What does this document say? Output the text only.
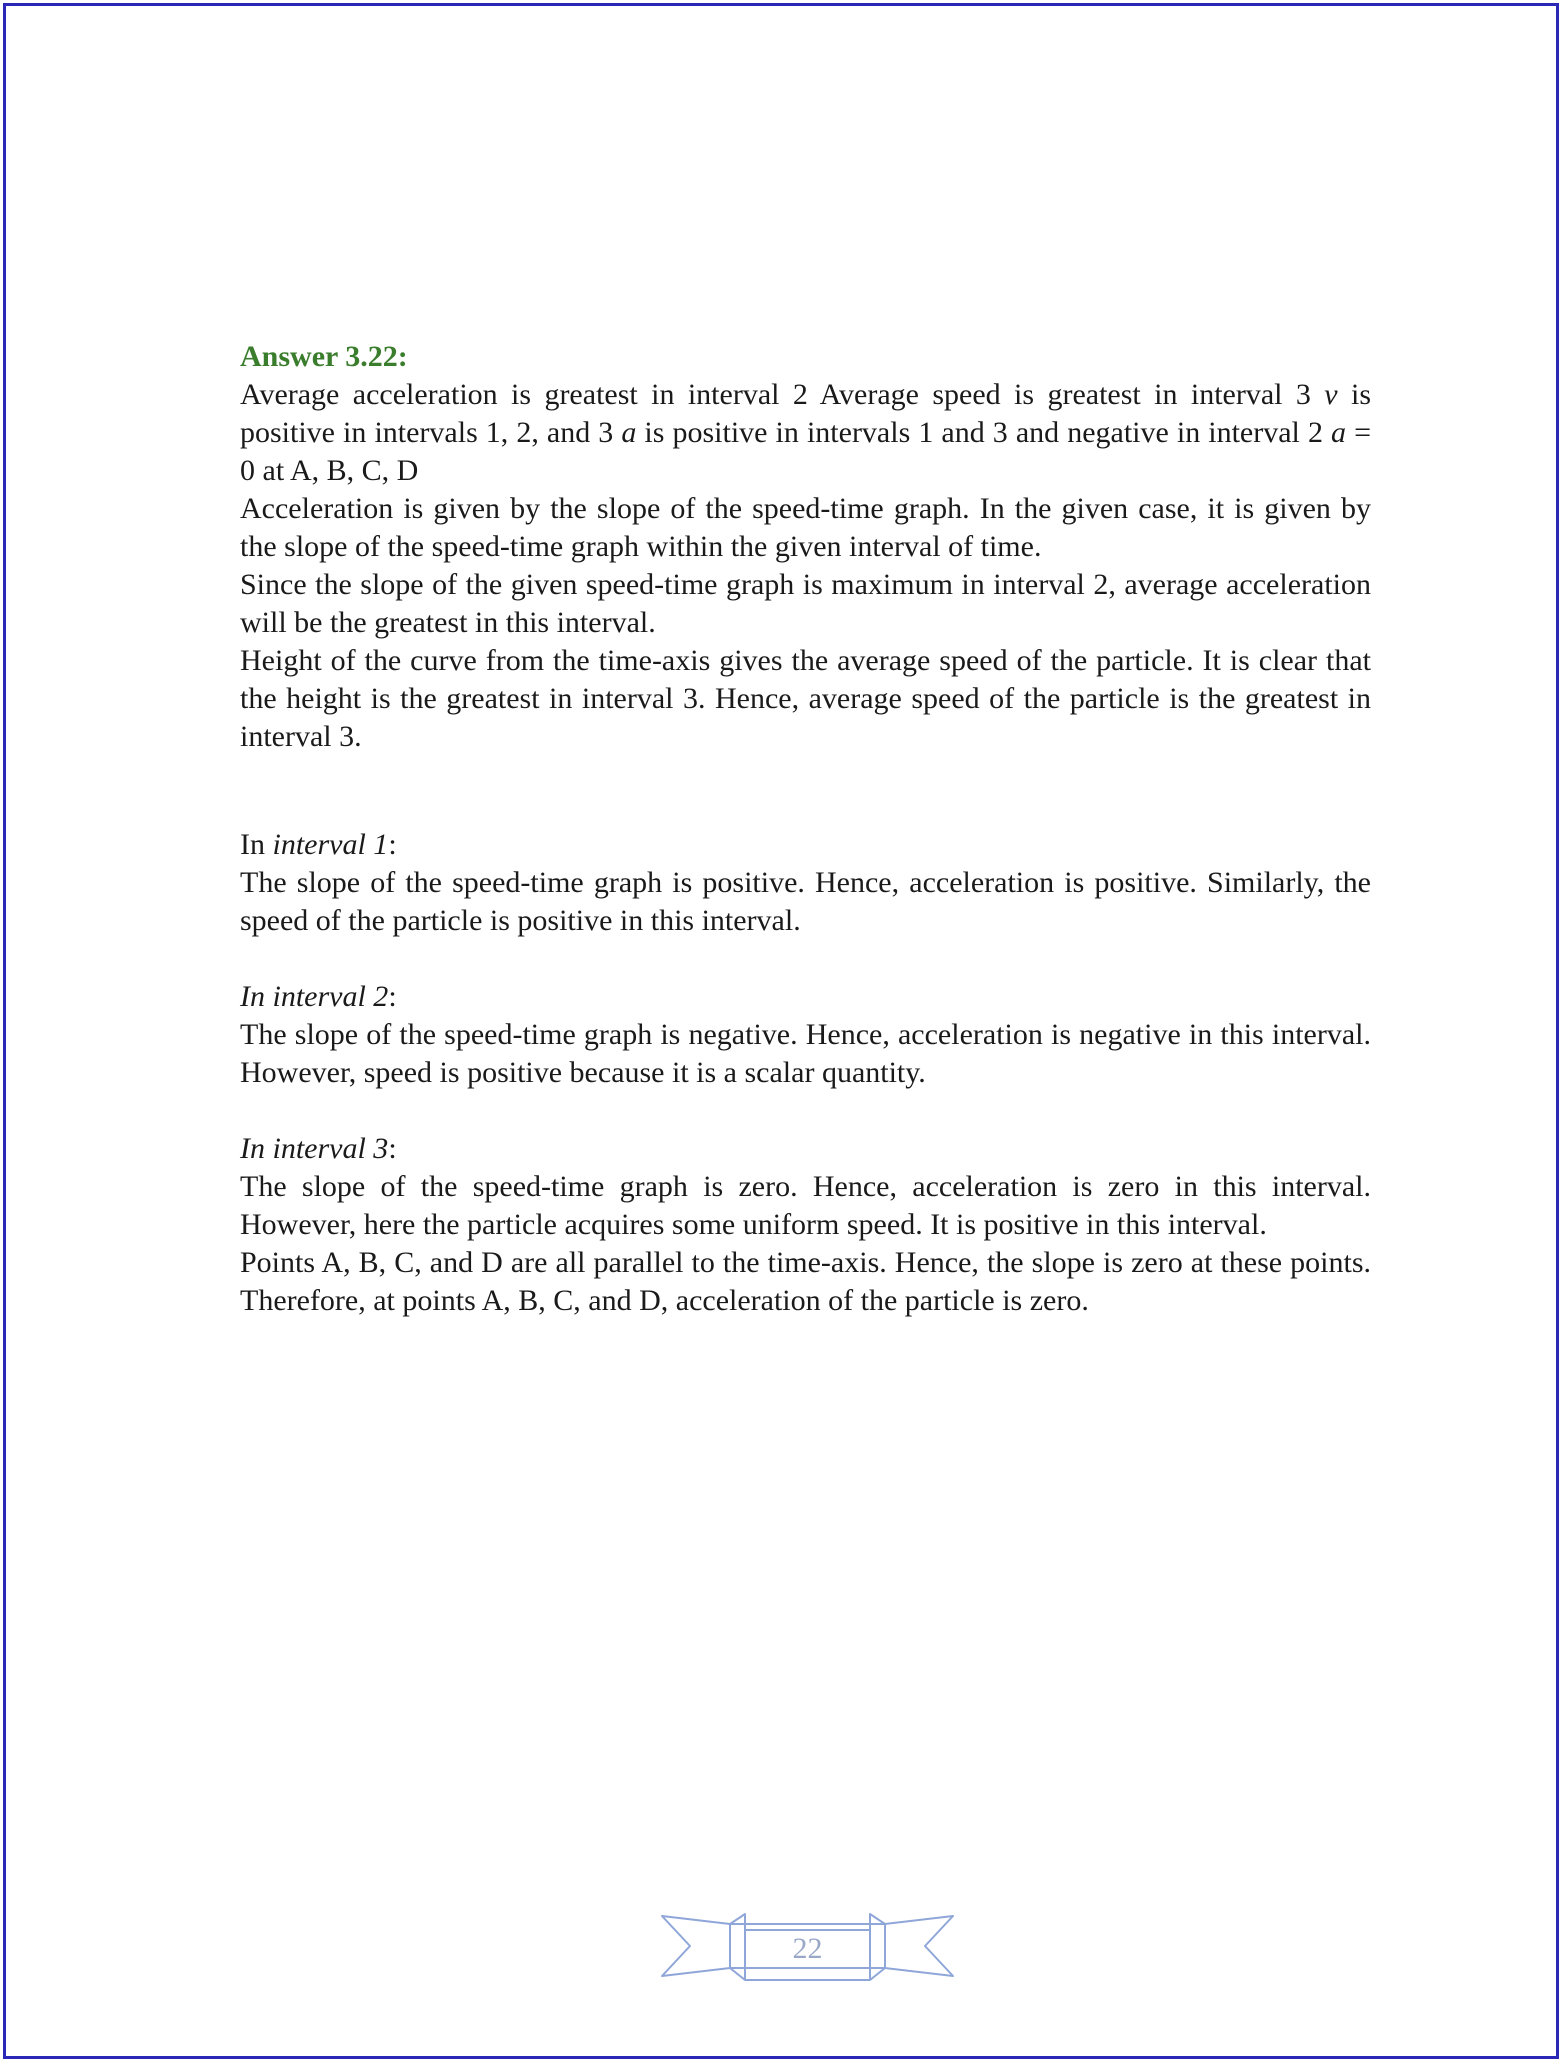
Answer 3.22:

Average acceleration is greatest in interval 2 Average speed is greatest in interval 3 v is positive in intervals 1, 2, and 3 a is positive in intervals 1 and 3 and negative in interval 2 a = 0 at A, B, C, D

Acceleration is given by the slope of the speed-time graph. In the given case, it is given by the slope of the speed-time graph within the given interval of time.

Since the slope of the given speed-time graph is maximum in interval 2, average acceleration will be the greatest in this interval.

Height of the curve from the time-axis gives the average speed of the particle. It is clear that the height is the greatest in interval 3. Hence, average speed of the particle is the greatest in interval 3.

In interval 1:

The slope of the speed-time graph is positive. Hence, acceleration is positive. Similarly, the speed of the particle is positive in this interval.

In interval 2:

The slope of the speed-time graph is negative. Hence, acceleration is negative in this interval. However, speed is positive because it is a scalar quantity.

In interval 3:

The slope of the speed-time graph is zero. Hence, acceleration is zero in this interval. However, here the particle acquires some uniform speed. It is positive in this interval.

Points A, B, C, and D are all parallel to the time-axis. Hence, the slope is zero at these points. Therefore, at points A, B, C, and D, acceleration of the particle is zero.

22
